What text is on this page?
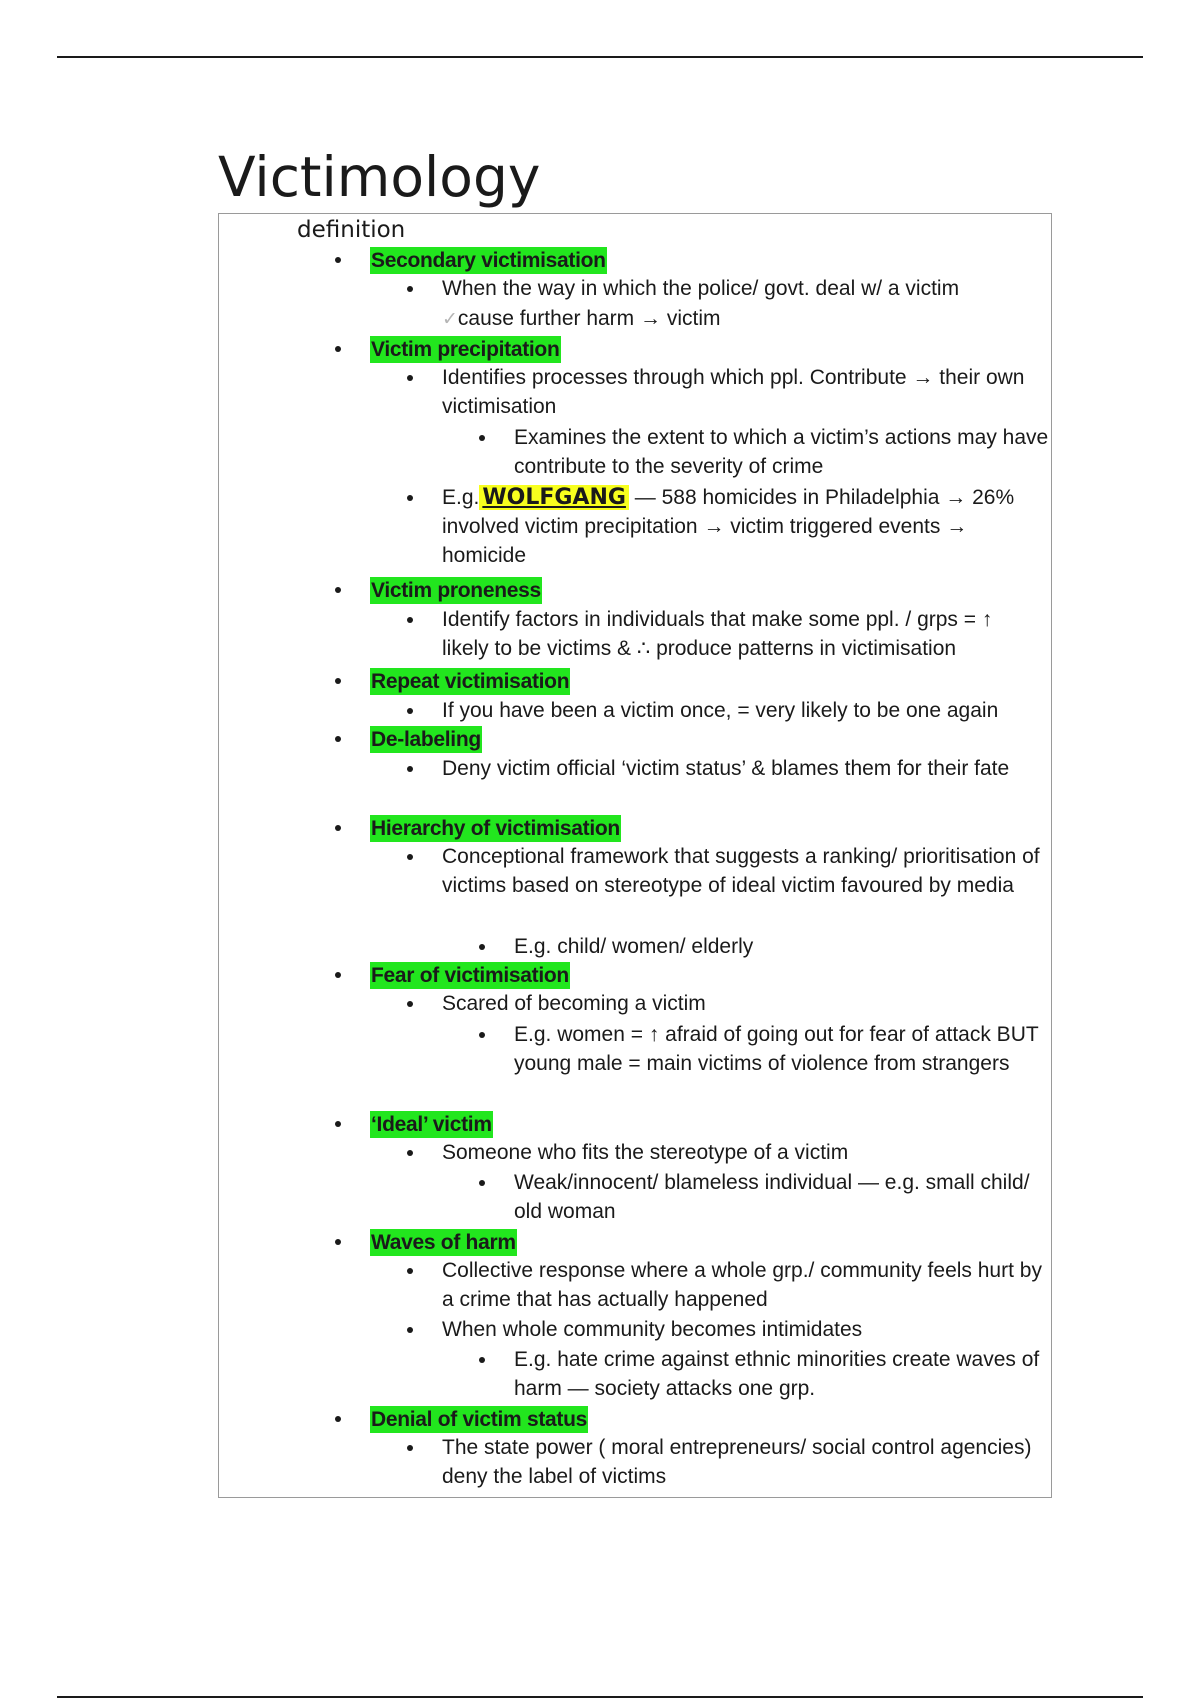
Victimology
definition
Secondary victimisation
When the way in which the police/ govt. deal w/ a victim
✓cause further harm → victim
Victim precipitation
Identifies processes through which ppl. Contribute → their own victimisation
Examines the extent to which a victim’s actions may have contribute to the severity of crime
E.g. WOLFGANG — 588 homicides in Philadelphia → 26% involved victim precipitation → victim triggered events → homicide
Victim proneness
Identify factors in individuals that make some ppl. / grps = ↑ likely to be victims & ∴ produce patterns in victimisation
Repeat victimisation
If you have been a victim once, = very likely to be one again
De-labeling
Deny victim official ‘victim status’ & blames them for their fate
Hierarchy of victimisation
Conceptional framework that suggests a ranking/ prioritisation of victims based on stereotype of ideal victim favoured by media
E.g. child/ women/ elderly
Fear of victimisation
Scared of becoming a victim
E.g. women = ↑ afraid of going out for fear of attack BUT young male = main victims of violence from strangers
‘Ideal’ victim
Someone who fits the stereotype of a victim
Weak/innocent/ blameless individual — e.g. small child/ old woman
Waves of harm
Collective response where a whole grp./ community feels hurt by a crime that has actually happened
When whole community becomes intimidates
E.g. hate crime against ethnic minorities create waves of harm — society attacks one grp.
Denial of victim status
The state power ( moral entrepreneurs/ social control agencies) deny the label of victims
